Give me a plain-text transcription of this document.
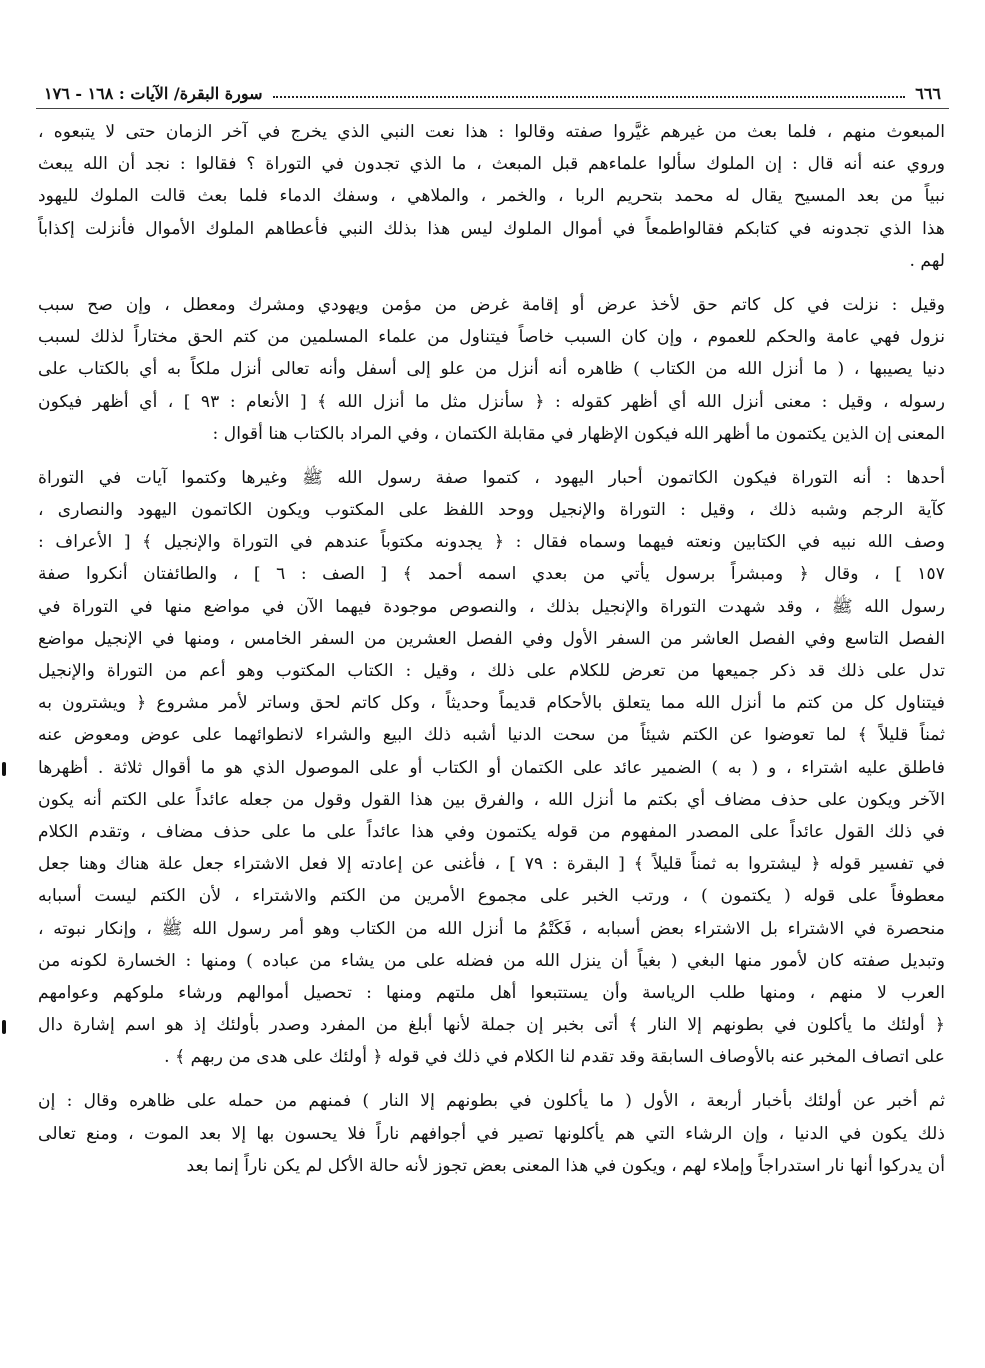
٦٦٦
سورة البقرة/ الآيات : ١٦٨ - ١٧٦

المبعوث منهم ، فلما بعث من غيرهم غيَّروا صفته وقالوا : هذا نعت النبي الذي يخرج في آخر الزمان حتى لا يتبعوه ،

وروي عنه أنه قال : إن الملوك سألوا علماءهم قبل المبعث ، ما الذي تجدون في التوراة ؟ فقالوا : نجد أن الله يبعث

نبياً من بعد المسيح يقال له محمد بتحريم الربا ، والخمر ، والملاهي ، وسفك الدماء فلما بعث قالت الملوك لليهود

هذا الذي تجدونه في كتابكم فقالواطمعاً في أموال الملوك ليس هذا بذلك النبي فأعطاهم الملوك الأموال فأنزلت إكذاباً

لهم .

وقيل : نزلت في كل كاتم حق لأخذ عرض أو إقامة غرض من مؤمن ويهودي ومشرك ومعطل ، وإن صح سبب

نزول فهي عامة والحكم للعموم ، وإن كان السبب خاصاً فيتناول من علماء المسلمين من كتم الحق مختاراً لذلك لسبب

دنيا يصيبها ، ( ما أنزل الله من الكتاب ) ظاهره أنه أنزل من علو إلى أسفل وأنه تعالى أنزل ملكاً به أي بالكتاب على

رسوله ، وقيل : معنى أنزل الله أي أظهر كقوله : ﴿ سأنزل مثل ما أنزل الله ﴾ [ الأنعام : ٩٣ ] ، أي أظهر فيكون

المعنى إن الذين يكتمون ما أظهر الله فيكون الإظهار في مقابلة الكتمان ، وفي المراد بالكتاب هنا أقوال :

أحدها : أنه التوراة فيكون الكاتمون أحبار اليهود ، كتموا صفة رسول الله ﷺ وغيرها وكتموا آيات في التوراة

كآية الرجم وشبه ذلك ، وقيل : التوراة والإنجيل ووحد اللفظ على المكتوب ويكون الكاتمون اليهود والنصارى ،

وصف الله نبيه في الكتابين ونعته فيهما وسماه فقال : ﴿ يجدونه مكتوباً عندهم في التوراة والإنجيل ﴾ [ الأعراف :

١٥٧ ] ، وقال ﴿ ومبشراً برسول يأتي من بعدي اسمه أحمد ﴾ [ الصف : ٦ ] ، والطائفتان أنكروا صفة

رسول الله ﷺ ، وقد شهدت التوراة والإنجيل بذلك ، والنصوص موجودة فيهما الآن في مواضع منها في التوراة في

الفصل التاسع وفي الفصل العاشر من السفر الأول وفي الفصل العشرين من السفر الخامس ، ومنها في الإنجيل مواضع

تدل على ذلك قد ذكر جميعها من تعرض للكلام على ذلك ، وقيل : الكتاب المكتوب وهو أعم من التوراة والإنجيل

فيتناول كل من كتم ما أنزل الله مما يتعلق بالأحكام قديماً وحديثاً ، وكل كاتم لحق وساتر لأمر مشروع ﴿ ويشترون به

ثمناً قليلاً ﴾ لما تعوضوا عن الكتم شيئاً من سحت الدنيا أشبه ذلك البيع والشراء لانطوائهما على عوض ومعوض عنه

فاطلق عليه اشتراء ، و ( به ) الضمير عائد على الكتمان أو الكتاب أو على الموصول الذي هو ما أقوال ثلاثة . أظهرها

الآخر ويكون على حذف مضاف أي بكتم ما أنزل الله ، والفرق بين هذا القول وقول من جعله عائداً على الكتم أنه يكون

في ذلك القول عائداً على المصدر المفهوم من قوله يكتمون وفي هذا عائداً على ما على حذف مضاف ، وتقدم الكلام

في تفسير قوله ﴿ ليشتروا به ثمناً قليلاً ﴾ [ البقرة : ٧٩ ] ، فأغنى عن إعادته إلا فعل الاشتراء جعل علة هناك وهنا جعل

معطوفاً على قوله ( يكتمون ) ، ورتب الخبر على مجموع الأمرين من الكتم والاشتراء ، لأن الكتم ليست أسبابه

منحصرة في الاشتراء بل الاشتراء بعض أسبابه ، فَكَتْمُ ما أنزل الله من الكتاب وهو أمر رسول الله ﷺ ، وإنكار نبوته ،

وتبديل صفته كان لأمور منها البغي ( بغياً أن ينزل الله من فضله على من يشاء من عباده ) ومنها : الخسارة لكونه من

العرب لا منهم ، ومنها طلب الرياسة وأن يستتبعوا أهل ملتهم ومنها : تحصيل أموالهم ورشاء ملوكهم وعوامهم

﴿ أولئك ما يأكلون في بطونهم إلا النار ﴾ أتى بخبر إن جملة لأنها أبلغ من المفرد وصدر بأولئك إذ هو اسم إشارة دال

على اتصاف المخبر عنه بالأوصاف السابقة وقد تقدم لنا الكلام في ذلك في قوله ﴿ أولئك على هدى من ربهم ﴾ .

ثم أخبر عن أولئك بأخبار أربعة ، الأول ( ما يأكلون في بطونهم إلا النار ) فمنهم من حمله على ظاهره وقال : إن

ذلك يكون في الدنيا ، وإن الرشاء التي هم يأكلونها تصير في أجوافهم ناراً فلا يحسون بها إلا بعد الموت ، ومنع تعالى

أن يدركوا أنها نار استدراجاً وإملاء لهم ، ويكون في هذا المعنى بعض تجوز لأنه حالة الأكل لم يكن ناراً إنما بعد
